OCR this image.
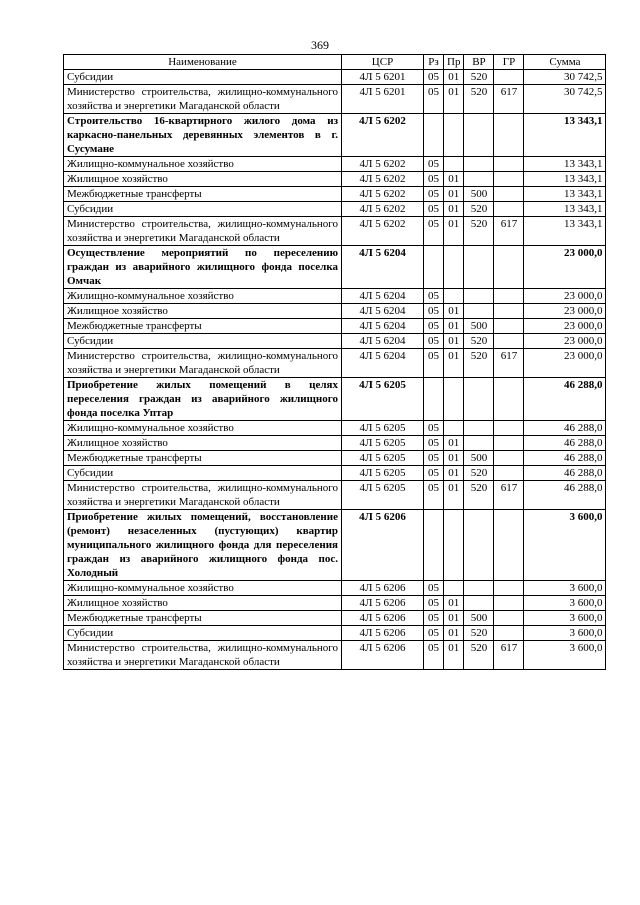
369
Наименование	ЦСР	Рз	Пр	ВР	ГР	Сумма
Субсидии	4Л 5 6201	05	01	520		30 742,5
Министерство строительства, жилищно-коммунального хозяйства и энергетики Магаданской области	4Л 5 6201	05	01	520	617	30 742,5
Строительство 16-квартирного жилого дома из каркасно-панельных деревянных элементов в г. Сусумане	4Л 5 6202					13 343,1
Жилищно-коммунальное хозяйство	4Л 5 6202	05				13 343,1
Жилищное хозяйство	4Л 5 6202	05	01			13 343,1
Межбюджетные трансферты	4Л 5 6202	05	01	500		13 343,1
Субсидии	4Л 5 6202	05	01	520		13 343,1
Министерство строительства, жилищно-коммунального хозяйства и энергетики Магаданской области	4Л 5 6202	05	01	520	617	13 343,1
Осуществление мероприятий по переселению граждан из аварийного жилищного фонда поселка Омчак	4Л 5 6204					23 000,0
Жилищно-коммунальное хозяйство	4Л 5 6204	05				23 000,0
Жилищное хозяйство	4Л 5 6204	05	01			23 000,0
Межбюджетные трансферты	4Л 5 6204	05	01	500		23 000,0
Субсидии	4Л 5 6204	05	01	520		23 000,0
Министерство строительства, жилищно-коммунального хозяйства и энергетики Магаданской области	4Л 5 6204	05	01	520	617	23 000,0
Приобретение жилых помещений в целях переселения граждан из аварийного жилищного фонда поселка Уптар	4Л 5 6205					46 288,0
Жилищно-коммунальное хозяйство	4Л 5 6205	05				46 288,0
Жилищное хозяйство	4Л 5 6205	05	01			46 288,0
Межбюджетные трансферты	4Л 5 6205	05	01	500		46 288,0
Субсидии	4Л 5 6205	05	01	520		46 288,0
Министерство строительства, жилищно-коммунального хозяйства и энергетики Магаданской области	4Л 5 6205	05	01	520	617	46 288,0
Приобретение жилых помещений, восстановление (ремонт) незаселенных (пустующих) квартир муниципального жилищного фонда для переселения граждан из аварийного жилищного фонда пос. Холодный	4Л 5 6206					3 600,0
Жилищно-коммунальное хозяйство	4Л 5 6206	05				3 600,0
Жилищное хозяйство	4Л 5 6206	05	01			3 600,0
Межбюджетные трансферты	4Л 5 6206	05	01	500		3 600,0
Субсидии	4Л 5 6206	05	01	520		3 600,0
Министерство строительства, жилищно-коммунального хозяйства и энергетики Магаданской области	4Л 5 6206	05	01	520	617	3 600,0
